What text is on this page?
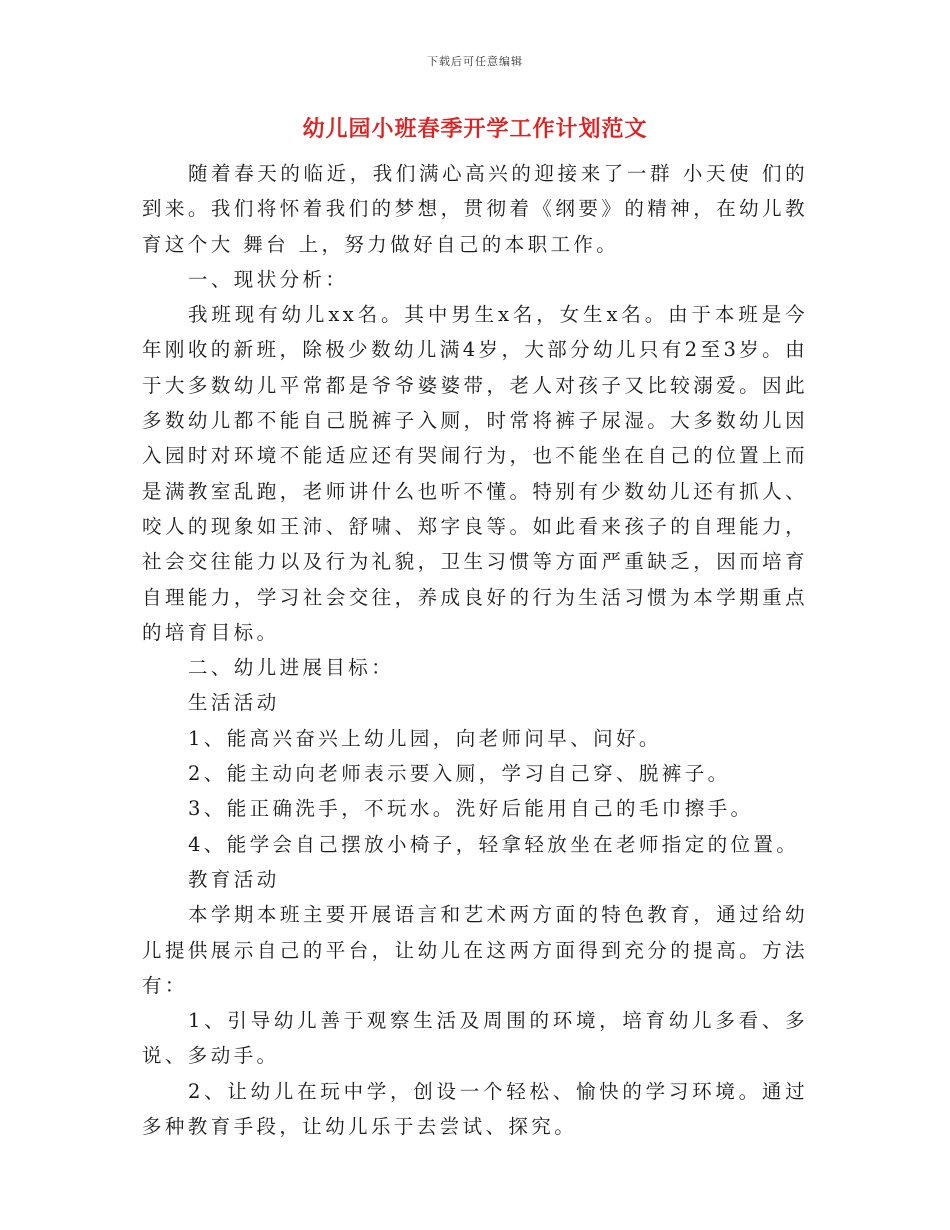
下载后可任意编辑
幼儿园小班春季开学工作计划范文

随着春天的临近，我们满心高兴的迎接来了一群 小天使 们的到来。我们将怀着我们的梦想，贯彻着《纲要》的精神，在幼儿教育这个大 舞台 上，努力做好自己的本职工作。

一、现状分析：

我班现有幼儿xx名。其中男生x名，女生x名。由于本班是今年刚收的新班，除极少数幼儿满4岁，大部分幼儿只有2至3岁。由于大多数幼儿平常都是爷爷婆婆带，老人对孩子又比较溺爱。因此多数幼儿都不能自己脱裤子入厕，时常将裤子尿湿。大多数幼儿因入园时对环境不能适应还有哭闹行为，也不能坐在自己的位置上而是满教室乱跑，老师讲什么也听不懂。特别有少数幼儿还有抓人、咬人的现象如王沛、舒啸、郑字良等。如此看来孩子的自理能力，社会交往能力以及行为礼貌，卫生习惯等方面严重缺乏，因而培育自理能力，学习社会交往，养成良好的行为生活习惯为本学期重点的培育目标。

二、幼儿进展目标：

生活活动

1、能高兴奋兴上幼儿园，向老师问早、问好。

2、能主动向老师表示要入厕，学习自己穿、脱裤子。

3、能正确洗手，不玩水。洗好后能用自己的毛巾擦手。

4、能学会自己摆放小椅子，轻拿轻放坐在老师指定的位置。

教育活动

本学期本班主要开展语言和艺术两方面的特色教育，通过给幼儿提供展示自己的平台，让幼儿在这两方面得到充分的提高。方法有：

1、引导幼儿善于观察生活及周围的环境，培育幼儿多看、多说、多动手。

2、让幼儿在玩中学，创设一个轻松、愉快的学习环境。通过多种教育手段，让幼儿乐于去尝试、探究。
